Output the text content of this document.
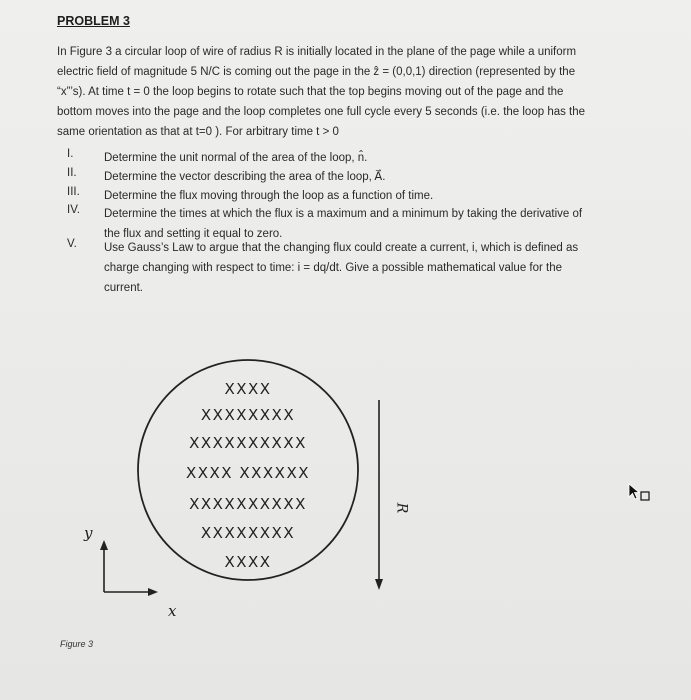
PROBLEM 3
In Figure 3 a circular loop of wire of radius R is initially located in the plane of the page while a uniform
electric field of magnitude 5 N/C is coming out the page in the ẑ = (0,0,1) direction (represented by the
“x”’s). At time t = 0 the loop begins to rotate such that the top begins moving out of the page and the
bottom moves into the page and the loop completes one full cycle every 5 seconds (i.e. the loop has the
same orientation as that at t=0 ). For arbitrary time t > 0
I.	Determine the unit normal of the area of the loop, n̂.
II.	Determine the vector describing the area of the loop, A⃗.
III.	Determine the flux moving through the loop as a function of time.
IV.	Determine the times at which the flux is a maximum and a minimum by taking the derivative of
the flux and setting it equal to zero.
V.	Use Gauss’s Law to argue that the changing flux could create a current, i, which is defined as
charge changing with respect to time: i = dq/dt. Give a possible mathematical value for the
current.
XXXX
XXXXXXXX
XXXXXXXXXX
XXXX XXXXXX
XXXXXXXXXX
XXXXXXXX
XXXX
y
x
R
Figure 3
